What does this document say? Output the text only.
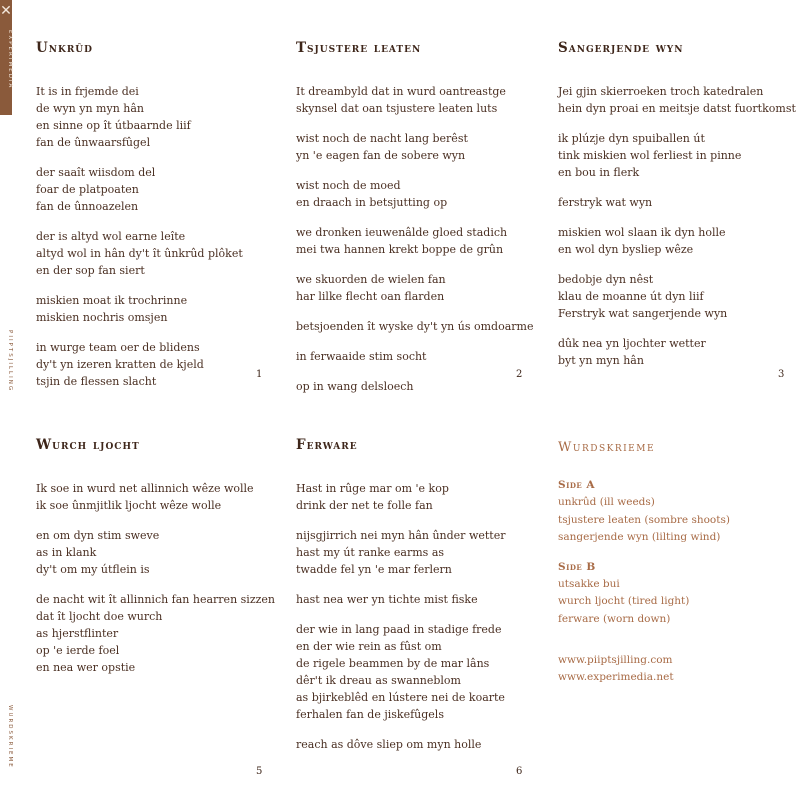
✕
EXPERIMEDIA
PIIPTSJILLING
WURDSKRIEME
Unkrûd
It is in frjemde dei
de wyn yn myn hân
en sinne op ît útbaarnde liif
fan de ûnwaarsfûgel
der saaît wiisdom del
foar de platpoaten
fan de ûnnoazelen
der is altyd wol earne leîte
altyd wol in hân dy't ît ûnkrûd plôket
en der sop fan siert
miskien moat ik trochrinne
miskien nochris omsjen
in wurge team oer de blidens
dy't yn izeren kratten de kjeld
tsjin de flessen slacht
1
Tsjustere leaten
It dreambyld dat in wurd oantreastge
skynsel dat oan tsjustere leaten luts
wist noch de nacht lang berêst
yn 'e eagen fan de sobere wyn
wist noch de moed
en draach in betsjutting op
we dronken ieuwenâlde gloed stadich
mei twa hannen krekt boppe de grûn
we skuorden de wielen fan
har lilke flecht oan flarden
betsjoenden ît wyske dy't yn ús omdoarme
in ferwaaide stim socht
op in wang delsloech
2
Sangerjende wyn
Jei gjin skierroeken troch katedralen
hein dyn proai en meitsje datst fuortkomst
ik plúzje dyn spuiballen út
tink miskien wol ferliest in pinne
en bou in flerk
ferstryk wat wyn
miskien wol slaan ik dyn holle
en wol dyn bysliep wêze
bedobje dyn nêst
klau de moanne út dyn liif
Ferstryk wat sangerjende wyn
dûk nea yn ljochter wetter
byt yn myn hân
3
Wurch ljocht
Ik soe in wurd net allinnich wêze wolle
ik soe ûnmjitlik ljocht wêze wolle
en om dyn stim sweve
as in klank
dy't om my útflein is
de nacht wit ît allinnich fan hearren sizzen
dat ît ljocht doe wurch
as hjerstflinter
op 'e ierde foel
en nea wer opstie
5
Ferware
Hast in rûge mar om 'e kop
drink der net te folle fan
nijsgjirrich nei myn hân ûnder wetter
hast my út ranke earms as
twadde fel yn 'e mar ferlern
hast nea wer yn tichte mist fiske
der wie in lang paad in stadige frede
en der wie rein as fûst om
de rigele beammen by de mar lâns
dêr't ik dreau as swanneblom
as bjirkeblêd en lústere nei de koarte
ferhalen fan de jiskefûgels
reach as dôve sliep om myn holle
6
Wurdskrieme
Side A
unkrûd (ill weeds)
tsjustere leaten (sombre shoots)
sangerjende wyn (lilting wind)
Side B
utsakke bui
wurch ljocht (tired light)
ferware (worn down)
www.piiptsjilling.com
www.experimedia.net
